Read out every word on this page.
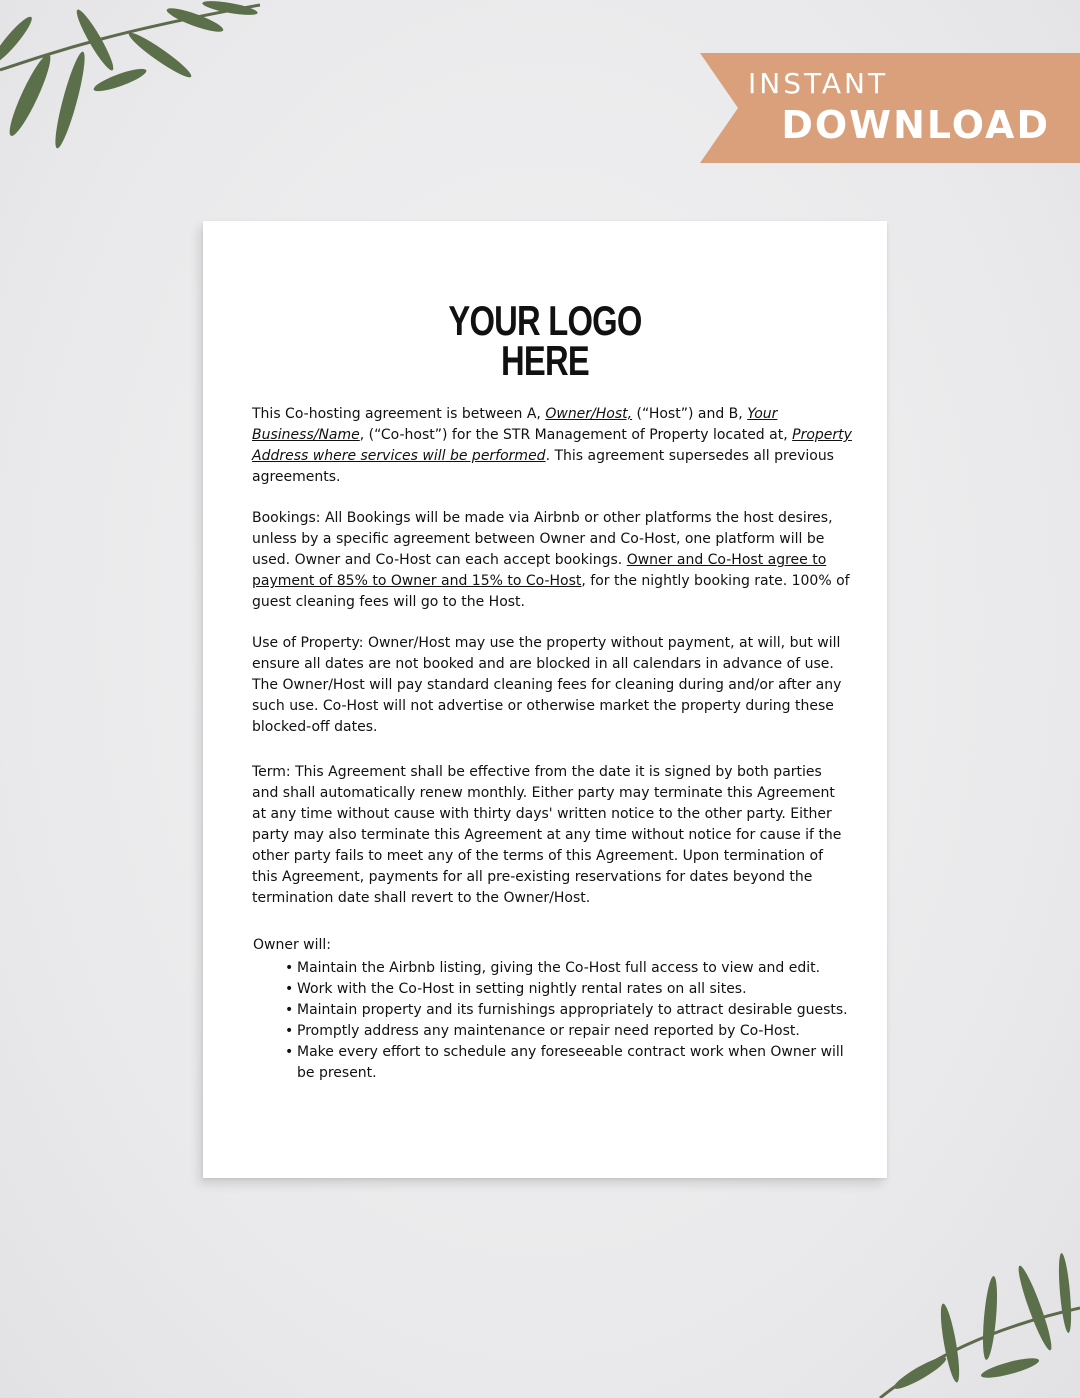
INSTANT
DOWNLOAD
YOUR LOGO
HERE

This Co-hosting agreement is between A, Owner/Host, (“Host”) and B, Your Business/Name, (“Co-host”) for the STR Management of Property located at, Property Address where services will be performed. This agreement supersedes all previous agreements.

Bookings: All Bookings will be made via Airbnb or other platforms the host desires, unless by a specific agreement between Owner and Co-Host, one platform will be used. Owner and Co-Host can each accept bookings. Owner and Co-Host agree to payment of 85% to Owner and 15% to Co-Host, for the nightly booking rate. 100% of guest cleaning fees will go to the Host.

Use of Property: Owner/Host may use the property without payment, at will, but will ensure all dates are not booked and are blocked in all calendars in advance of use. The Owner/Host will pay standard cleaning fees for cleaning during and/or after any such use. Co-Host will not advertise or otherwise market the property during these blocked-off dates.

Term: This Agreement shall be effective from the date it is signed by both parties and shall automatically renew monthly. Either party may terminate this Agreement at any time without cause with thirty days' written notice to the other party. Either party may also terminate this Agreement at any time without notice for cause if the other party fails to meet any of the terms of this Agreement. Upon termination of this Agreement, payments for all pre-existing reservations for dates beyond the termination date shall revert to the Owner/Host.

Owner will:
• Maintain the Airbnb listing, giving the Co-Host full access to view and edit.
• Work with the Co-Host in setting nightly rental rates on all sites.
• Maintain property and its furnishings appropriately to attract desirable guests.
• Promptly address any maintenance or repair need reported by Co-Host.
• Make every effort to schedule any foreseeable contract work when Owner will be present.
